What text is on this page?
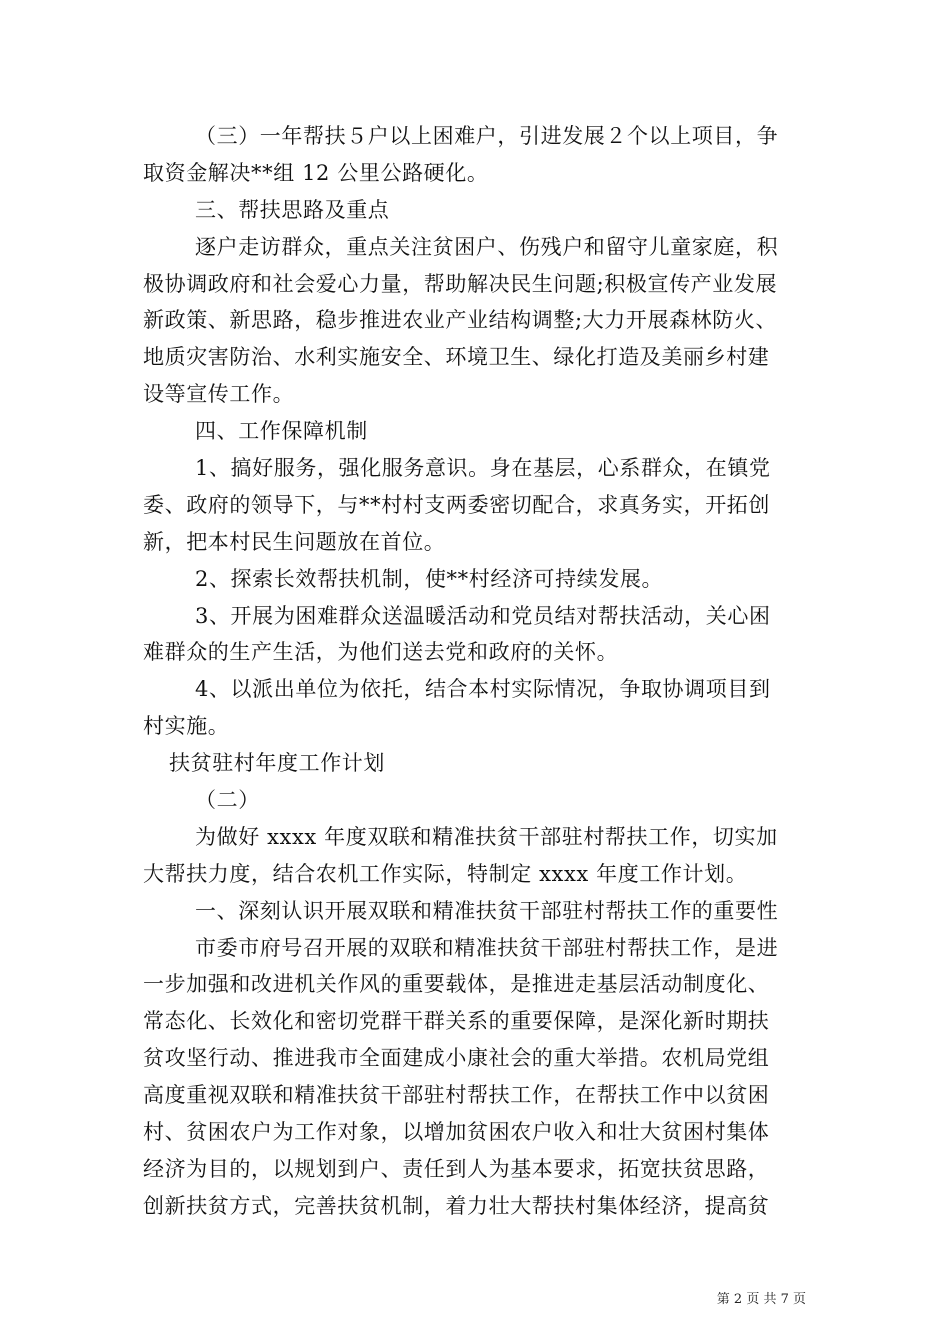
（三）一年帮扶５户以上困难户，引进发展２个以上项目，争
取资金解决**组 12 公里公路硬化。
三、帮扶思路及重点
逐户走访群众，重点关注贫困户、伤残户和留守儿童家庭，积
极协调政府和社会爱心力量，帮助解决民生问题;积极宣传产业发展
新政策、新思路，稳步推进农业产业结构调整;大力开展森林防火、
地质灾害防治、水利实施安全、环境卫生、绿化打造及美丽乡村建
设等宣传工作。
四、工作保障机制
1、搞好服务，强化服务意识。身在基层，心系群众，在镇党
委、政府的领导下，与**村村支两委密切配合，求真务实，开拓创
新，把本村民生问题放在首位。
2、探索长效帮扶机制，使**村经济可持续发展。
3、开展为困难群众送温暖活动和党员结对帮扶活动，关心困
难群众的生产生活，为他们送去党和政府的关怀。
4、以派出单位为依托，结合本村实际情况，争取协调项目到
村实施。
扶贫驻村年度工作计划
（二）
为做好 xxxx 年度双联和精准扶贫干部驻村帮扶工作，切实加
大帮扶力度，结合农机工作实际，特制定 xxxx 年度工作计划。
一、深刻认识开展双联和精准扶贫干部驻村帮扶工作的重要性
市委市府号召开展的双联和精准扶贫干部驻村帮扶工作，是进
一步加强和改进机关作风的重要载体，是推进走基层活动制度化、
常态化、长效化和密切党群干群关系的重要保障，是深化新时期扶
贫攻坚行动、推进我市全面建成小康社会的重大举措。农机局党组
高度重视双联和精准扶贫干部驻村帮扶工作，在帮扶工作中以贫困
村、贫困农户为工作对象，以增加贫困农户收入和壮大贫困村集体
经济为目的，以规划到户、责任到人为基本要求，拓宽扶贫思路，
创新扶贫方式，完善扶贫机制，着力壮大帮扶村集体经济，提高贫
第 2 页 共 7 页
